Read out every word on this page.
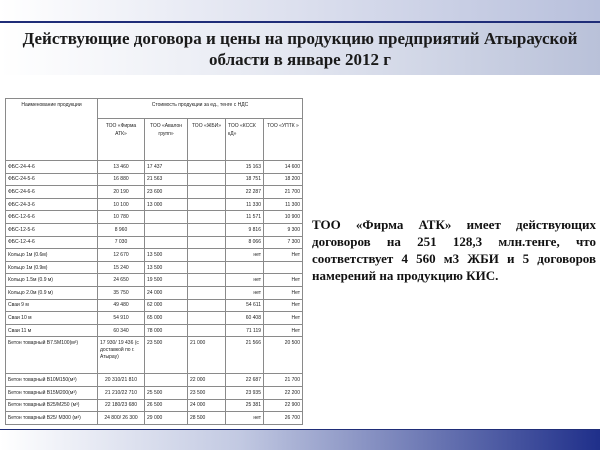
Действующие договора и цены на продукцию предприятий Атырауской области в январе 2012 г
Наименование продукции	Стоимость продукции за ед., тенге с НДС				
	ТОО «Фирма АТК»	ТОО «Авалон групп»	ТОО «ЖБИ»	ТОО «КССК кД»	ТОО «УПТК »
ФБС-24-4-6	13 460	17 437		15 163	14 600
ФБС-24-5-6	16 880	21 563		18 751	18 200
ФБС-24-6-6	20 190	23 600		22 287	21 700
ФБС-24-3-6	10 100	13 000		11 330	11 300
ФБС-12-6-6	10 780			11 571	10 900
ФБС-12-5-6	8 960			9 816	9 300
ФБС-12-4-6	7 030			8 066	7 300
Кольцо 1м (0.6м)	12 670	13 500		нет	Нет
Кольцо 1м (0.9м)	15 240	13 500			
Кольцо 1.5м (0.9 м)	24 650	19 500		нет	Нет
Кольцо 2.0м (0.9 м)	35 750	24 000		нет	Нет
Сваи 9 м	49 480	62 000		54 611	Нет
Сваи 10 м	54 910	65 000		60 408	Нет
Сваи 11 м	60 340	78 000		71 119	Нет
Бетон товарный В7.5М100(м³)	17 930/ 19 436 (с доставкой по г. Атырау)	23 500	21 000	21 566	20 500
Бетон товарный В10М150(м³)	20 310/21 810		22 000	22 687	21 700
Бетон товарный В15М200(м³)	21 210/22 710	25 500	23 500	23 935	22 200
Бетон товарный В25/М250 (м³)	22 180/23 680	26 500	24 000	25 381	22 900
Бетон товарный В25/ М300 (м³)	24 800/ 26 300	29 000	28 500	нет	26 700
ТОО «Фирма АТК» имеет действующих договоров на 251 128,3 млн.тенге, что соответствует 4 560 м3 ЖБИ и 5 договоров намерений на продукцию КИС.
